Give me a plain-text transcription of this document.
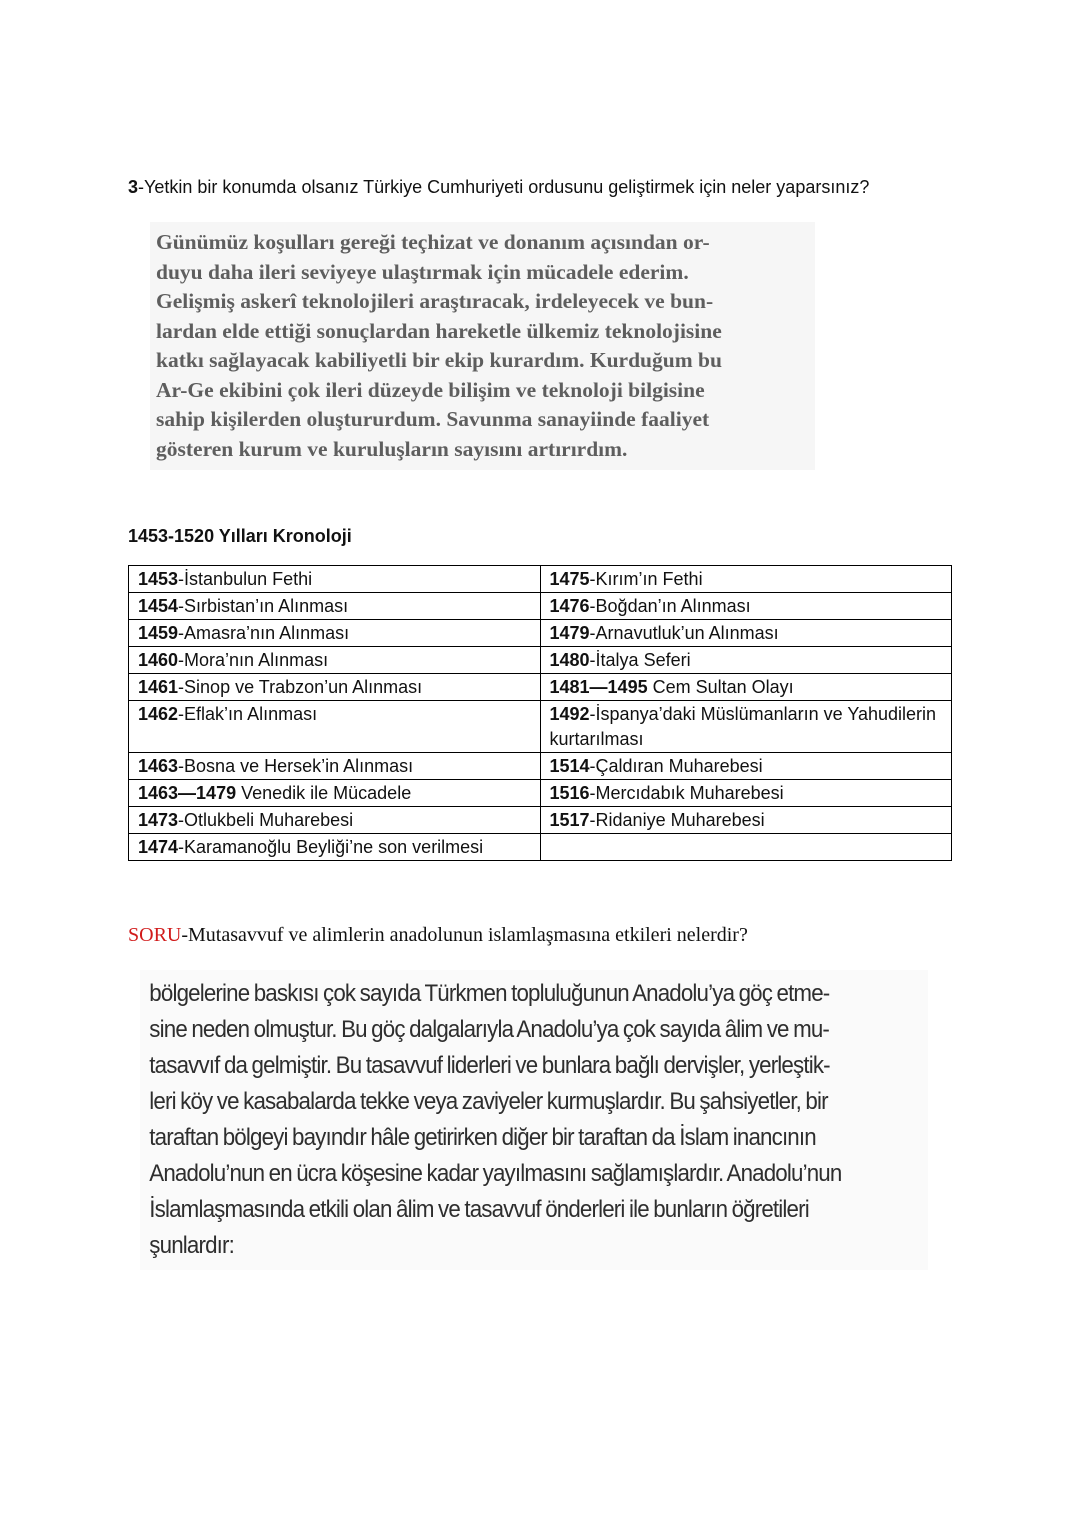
3-Yetkin bir konumda olsanız Türkiye Cumhuriyeti ordusunu geliştirmek için neler yaparsınız?

Günümüz koşulları gereği teçhizat ve donanım açısından or-
duyu daha ileri seviyeye ulaştırmak için mücadele ederim.
Gelişmiş askerî teknolojileri araştıracak, irdeleyecek ve bun-
lardan elde ettiği sonuçlardan hareketle ülkemiz teknolojisine
katkı sağlayacak kabiliyetli bir ekip kurardım. Kurduğum bu
Ar-Ge ekibini çok ileri düzeyde bilişim ve teknoloji bilgisine
sahip kişilerden oluştururdum. Savunma sanayiinde faaliyet
gösteren kurum ve kuruluşların sayısını artırırdım.

1453-1520 Yılları Kronoloji
1453-İstanbulun Fethi	1475-Kırım’ın Fethi
1454-Sırbistan’ın Alınması	1476-Boğdan’ın Alınması
1459-Amasra’nın Alınması	1479-Arnavutluk’un Alınması
1460-Mora’nın Alınması	1480-İtalya Seferi
1461-Sinop ve Trabzon’un Alınması	1481—1495 Cem Sultan Olayı
1462-Eflak’ın Alınması	1492-İspanya’daki Müslümanların ve Yahudilerin kurtarılması
1463-Bosna ve Hersek’in Alınması	1514-Çaldıran Muharebesi
1463—1479 Venedik ile Mücadele	1516-Mercıdabık Muharebesi
1473-Otlukbeli Muharebesi	1517-Ridaniye Muharebesi
1474-Karamanoğlu Beyliği’ne son verilmesi	
SORU-Mutasavvuf ve alimlerin anadolunun islamlaşmasına etkileri nelerdir?

bölgelerine baskısı çok sayıda Türkmen topluluğunun Anadolu’ya göç etme-
sine neden olmuştur. Bu göç dalgalarıyla Anadolu’ya çok sayıda âlim ve mu-
tasavvıf da gelmiştir. Bu tasavvuf liderleri ve bunlara bağlı dervişler, yerleştik-
leri köy ve kasabalarda tekke veya zaviyeler kurmuşlardır. Bu şahsiyetler, bir
taraftan bölgeyi bayındır hâle getirirken diğer bir taraftan da İslam inancının
Anadolu’nun en ücra köşesine kadar yayılmasını sağlamışlardır. Anadolu’nun
İslamlaşmasında etkili olan âlim ve tasavvuf önderleri ile bunların öğretileri
şunlardır:
